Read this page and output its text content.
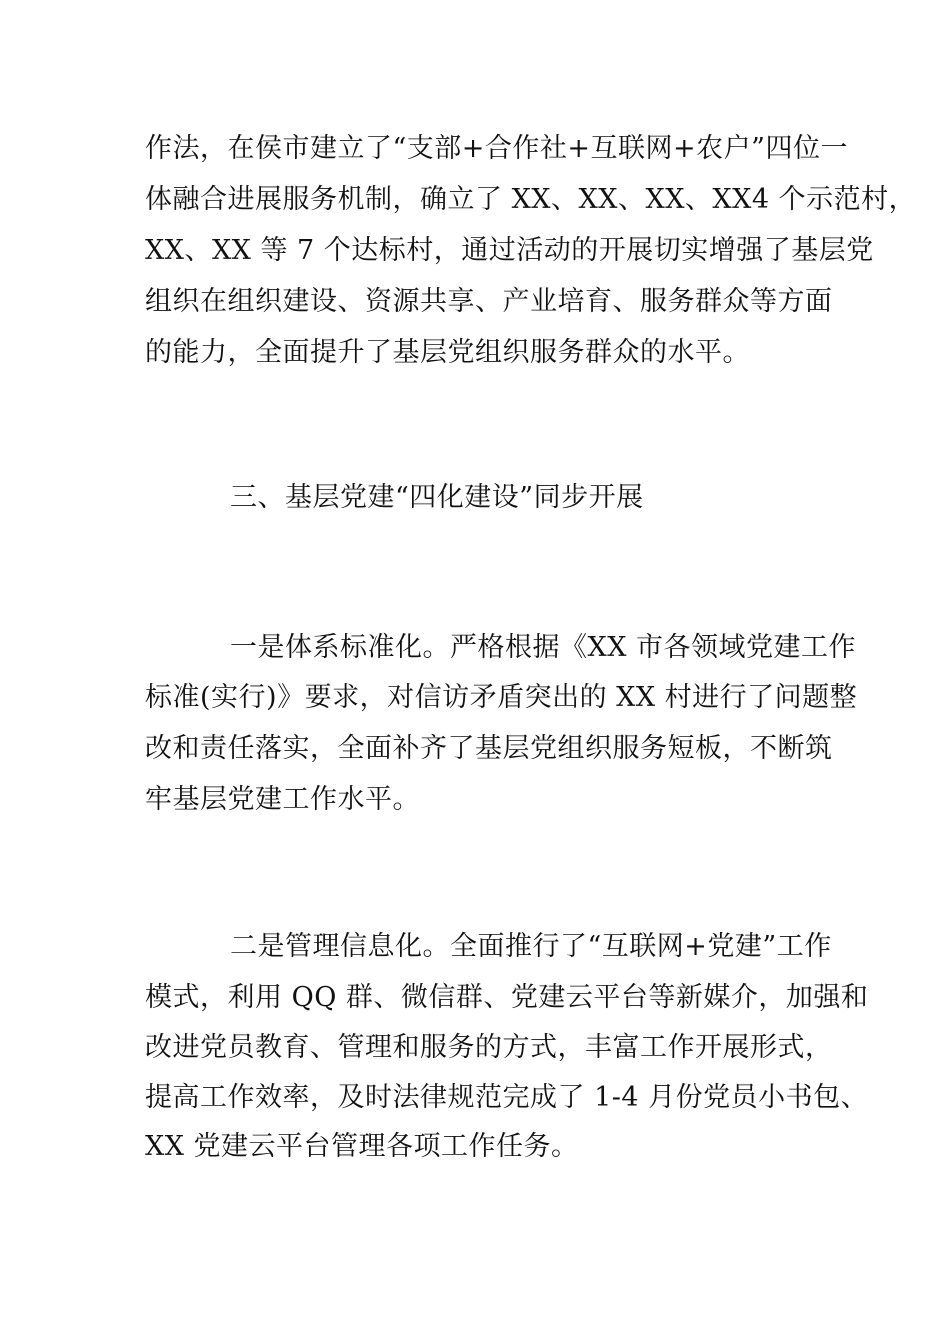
作法，在侯市建立了“支部+合作社+互联网+农户”四位一

体融合进展服务机制，确立了 XX、XX、XX、XX4 个示范村，

XX、XX 等 7 个达标村，通过活动的开展切实增强了基层党

组织在组织建设、资源共享、产业培育、服务群众等方面

的能力，全面提升了基层党组织服务群众的水平。

三、基层党建“四化建设”同步开展

一是体系标准化。严格根据《XX 市各领域党建工作

标准(实行)》要求，对信访矛盾突出的 XX 村进行了问题整

改和责任落实，全面补齐了基层党组织服务短板，不断筑

牢基层党建工作水平。

二是管理信息化。全面推行了“互联网+党建”工作

模式，利用 QQ 群、微信群、党建云平台等新媒介，加强和

改进党员教育、管理和服务的方式，丰富工作开展形式，

提高工作效率，及时法律规范完成了 1-4 月份党员小书包、

XX 党建云平台管理各项工作任务。
